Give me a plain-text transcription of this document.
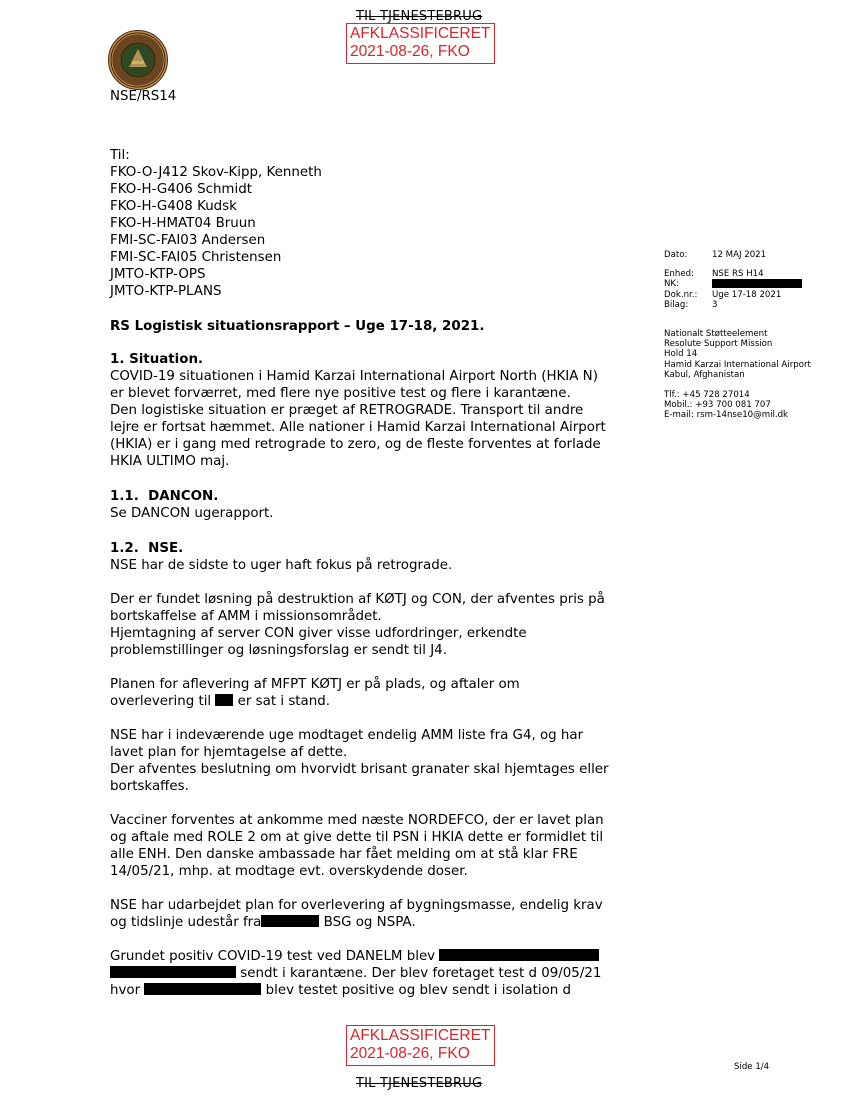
TIL TJENESTEBRUG
AFKLASSIFICERET
2021-08-26, FKO
NSE/RS14
Til:
FKO-O-J412 Skov-Kipp, Kenneth
FKO-H-G406 Schmidt
FKO-H-G408 Kudsk
FKO-H-HMAT04 Bruun
FMI-SC-FAI03 Andersen
FMI-SC-FAI05 Christensen
JMTO-KTP-OPS
JMTO-KTP-PLANS
Dato:	12 MAJ 2021
Enhed:	NSE RS H14
NK:
Dok.nr.:	Uge 17-18 2021
Bilag:	3
Nationalt Støtteelement
Resolute Support Mission
Hold 14
Hamid Karzai International Airport
Kabul, Afghanistan
Tlf.: +45 728 27014
Mobil.: +93 700 081 707
E-mail: rsm-14nse10@mil.dk
RS Logistisk situationsrapport – Uge 17-18, 2021.
1. Situation.
COVID-19 situationen i Hamid Karzai International Airport North (HKIA N)
er blevet forværret, med flere nye positive test og flere i karantæne.
Den logistiske situation er præget af RETROGRADE. Transport til andre
lejre er fortsat hæmmet. Alle nationer i Hamid Karzai International Airport
(HKIA) er i gang med retrograde to zero, og de fleste forventes at forlade
HKIA ULTIMO maj.
1.1.  DANCON.
Se DANCON ugerapport.
1.2.  NSE.
NSE har de sidste to uger haft fokus på retrograde.
Der er fundet løsning på destruktion af KØTJ og CON, der afventes pris på
bortskaffelse af AMM i missionsområdet.
Hjemtagning af server CON giver visse udfordringer, erkendte
problemstillinger og løsningsforslag er sendt til J4.
Planen for aflevering af MFPT KØTJ er på plads, og aftaler om
overlevering til  er sat i stand.
NSE har i indeværende uge modtaget endelig AMM liste fra G4, og har
lavet plan for hjemtagelse af dette.
Der afventes beslutning om hvorvidt brisant granater skal hjemtages eller
bortskaffes.
Vacciner forventes at ankomme med næste NORDEFCO, der er lavet plan
og aftale med ROLE 2 om at give dette til PSN i HKIA dette er formidlet til
alle ENH. Den danske ambassade har fået melding om at stå klar FRE
14/05/21, mhp. at modtage evt. overskydende doser.
NSE har udarbejdet plan for overlevering af bygningsmasse, endelig krav
og tidslinje udestår fra	BSG og NSPA.
Grundet positiv COVID-19 test ved DANELM blev
sendt i karantæne. Der blev foretaget test d 09/05/21
hvor	blev testet positive og blev sendt i isolation d
AFKLASSIFICERET
2021-08-26, FKO
Side 1/4
TIL TJENESTEBRUG
